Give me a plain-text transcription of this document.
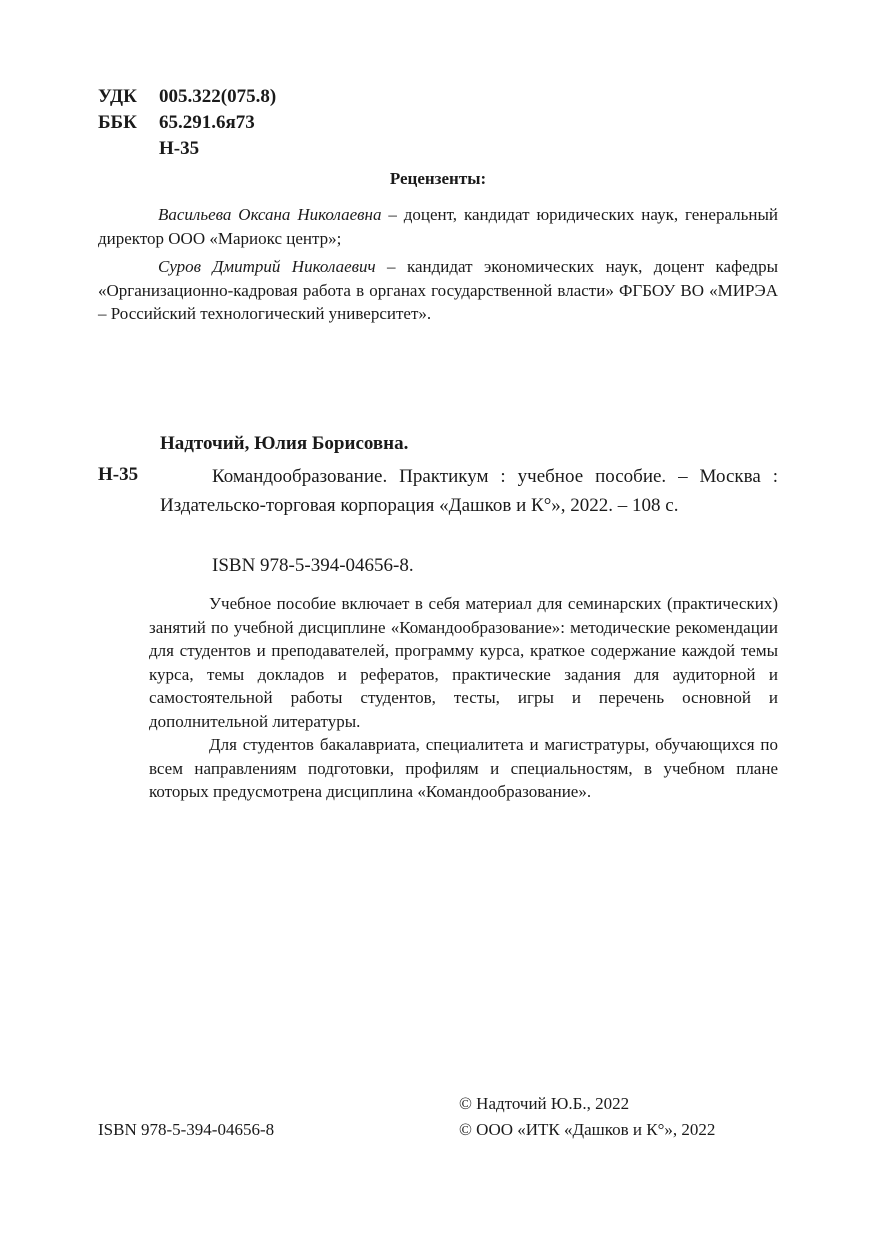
УДК 005.322(075.8)
ББК 65.291.6я73
Н-35
Рецензенты:

Васильева Оксана Николаевна – доцент, кандидат юридических наук, генеральный директор ООО «Мариокс центр»;

Суров Дмитрий Николаевич – кандидат экономических наук, доцент кафедры «Организационно-кадровая работа в органах государственной власти» ФГБОУ ВО «МИРЭА – Российский технологический университет».

Надточий, Юлия Борисовна.
Н-35	Командообразование. Практикум : учебное пособие. – Москва : Издательско-торговая корпорация «Дашков и К°», 2022. – 108 с.

ISBN 978-5-394-04656-8.

Учебное пособие включает в себя материал для семинарских (практических) занятий по учебной дисциплине «Командообразование»: методические рекомендации для студентов и преподавателей, программу курса, краткое содержание каждой темы курса, темы докладов и рефератов, практические задания для аудиторной и самостоятельной работы студентов, тесты, игры и перечень основной и дополнительной литературы.

Для студентов бакалавриата, специалитета и магистратуры, обучающихся по всем направлениям подготовки, профилям и специальностям, в учебном плане которых предусмотрена дисциплина «Командообразование».

© Надточий Ю.Б., 2022
ISBN 978-5-394-04656-8	© ООО «ИТК «Дашков и К°», 2022
